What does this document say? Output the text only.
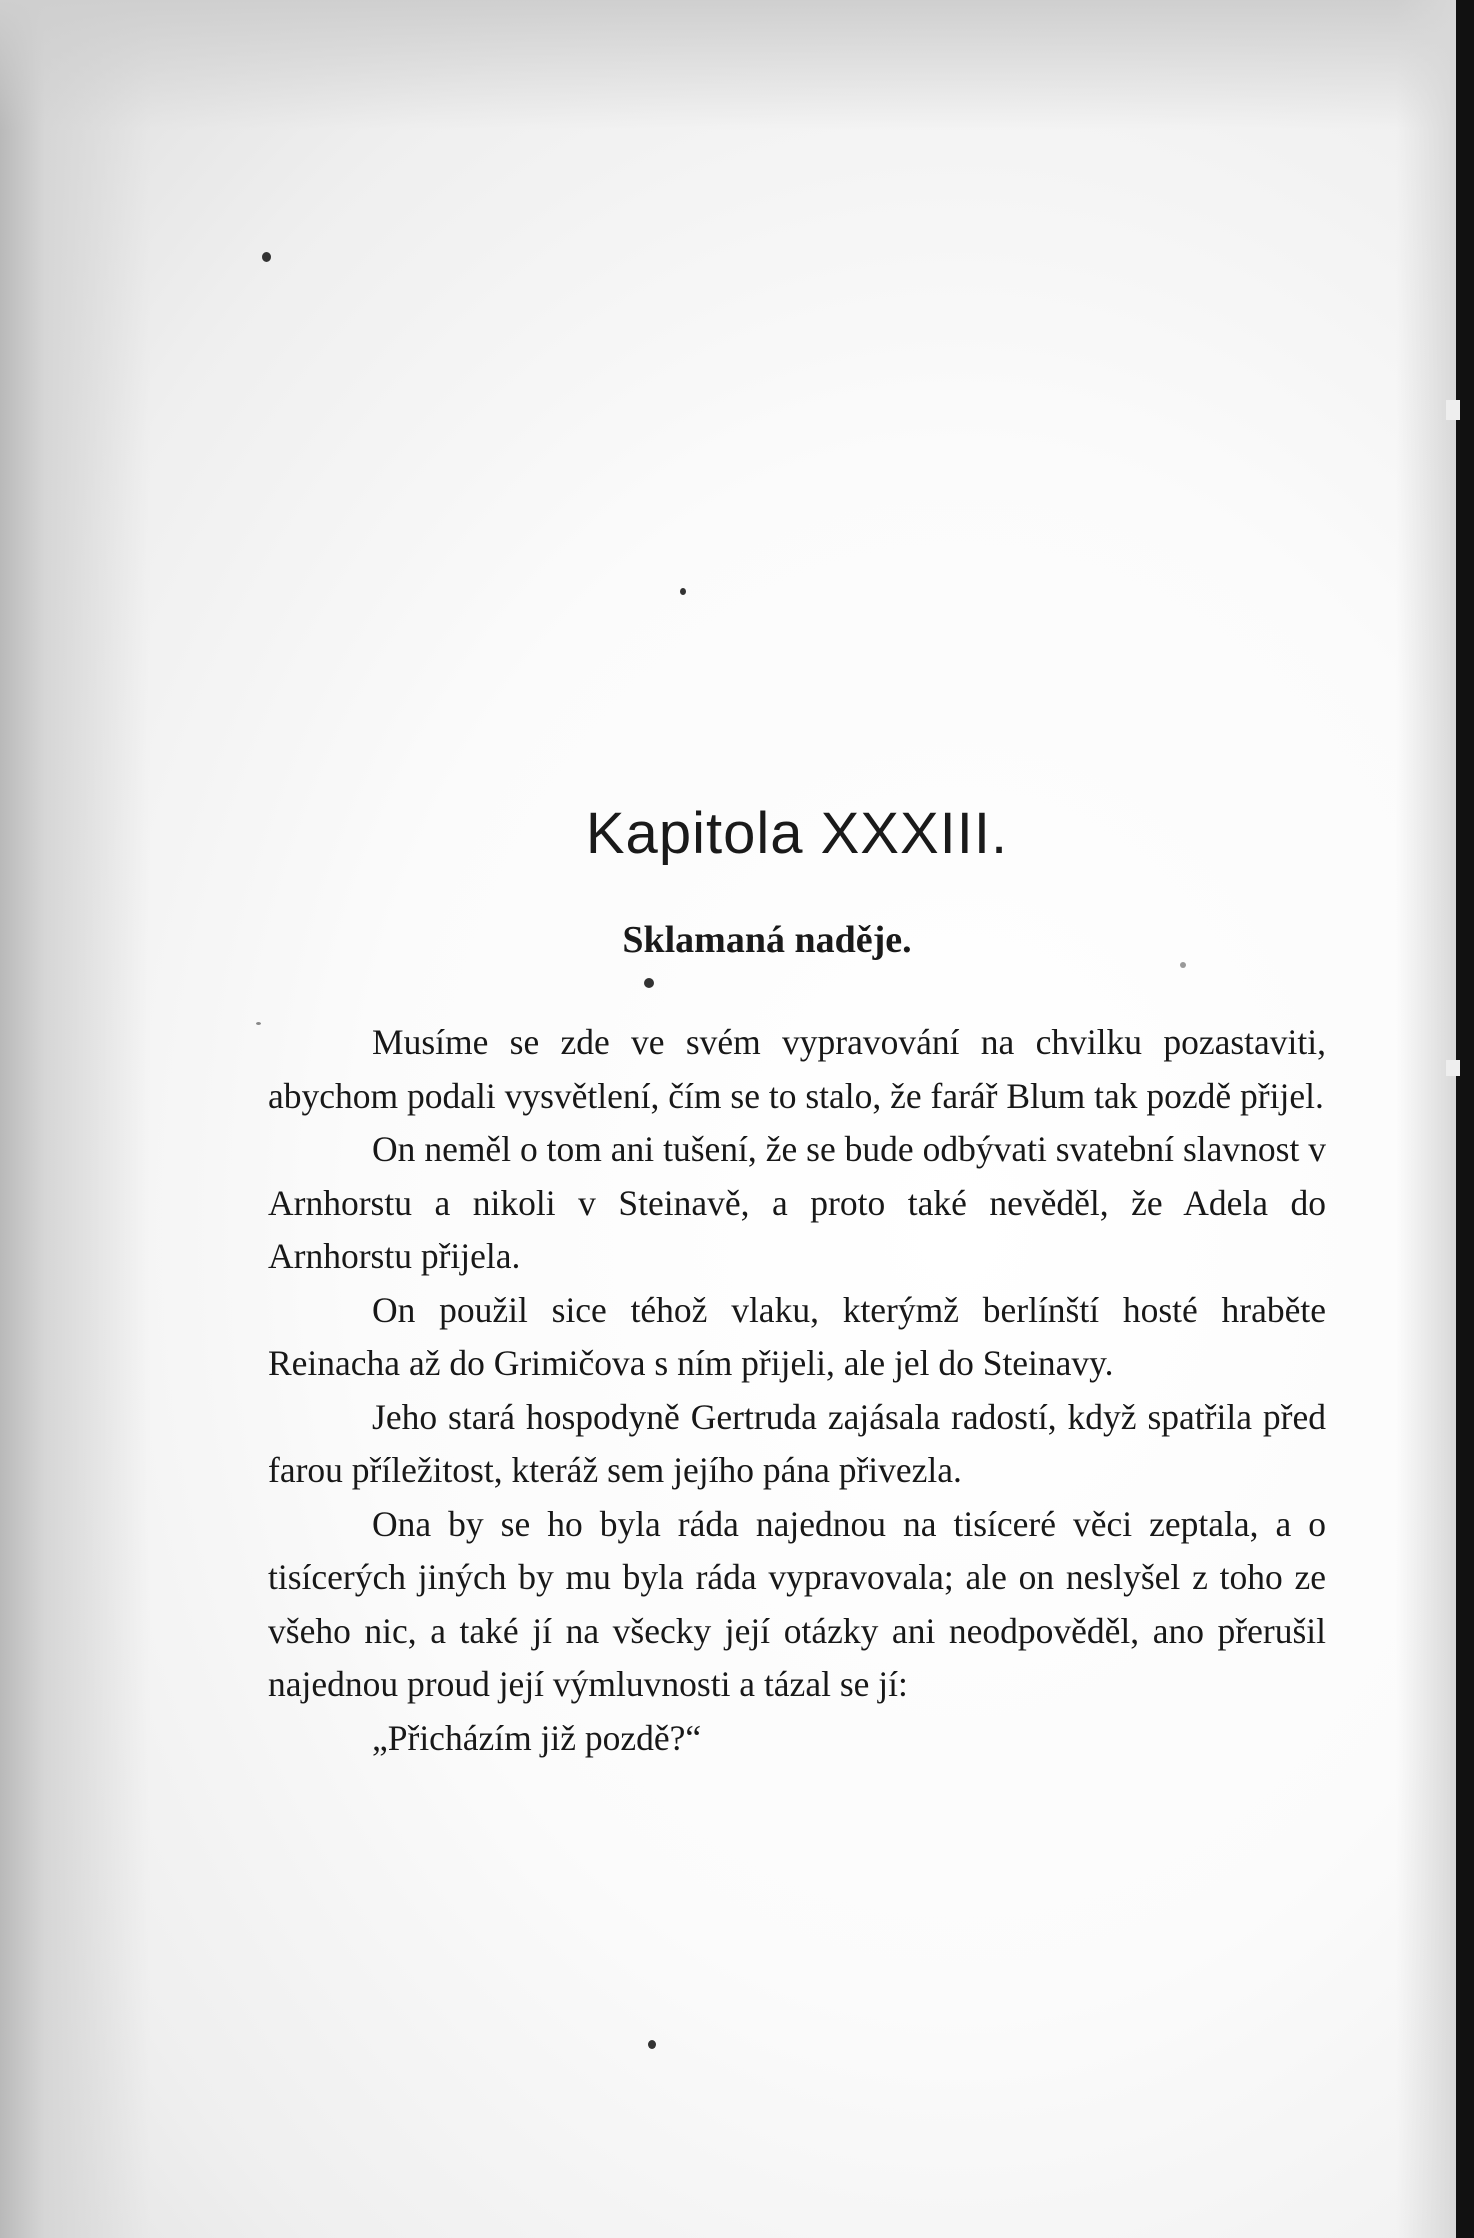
Kapitola XXXIII.
Sklamaná naděje.

Musíme se zde ve svém vypravování na chvilku pozastaviti, abychom podali vysvětlení, čím se to stalo, že farář Blum tak pozdě přijel.

On neměl o tom ani tušení, že se bude odbývati svatební slavnost v Arnhorstu a nikoli v Steinavě, a proto také nevěděl, že Adela do Arnhorstu přijela.

On použil sice téhož vlaku, kterýmž berlínští hosté hraběte Reinacha až do Grimičova s ním přijeli, ale jel do Steinavy.

Jeho stará hospodyně Gertruda zajásala radostí, když spatřila před farou příležitost, kteráž sem jejího pána přivezla.

Ona by se ho byla ráda najednou na tisíceré věci zeptala, a o tisícerých jiných by mu byla ráda vypravovala; ale on neslyšel z toho ze všeho nic, a také jí na všecky její otázky ani neodpověděl, ano přerušil najednou proud její výmluvnosti a tázal se jí:

„Přicházím již pozdě?“
